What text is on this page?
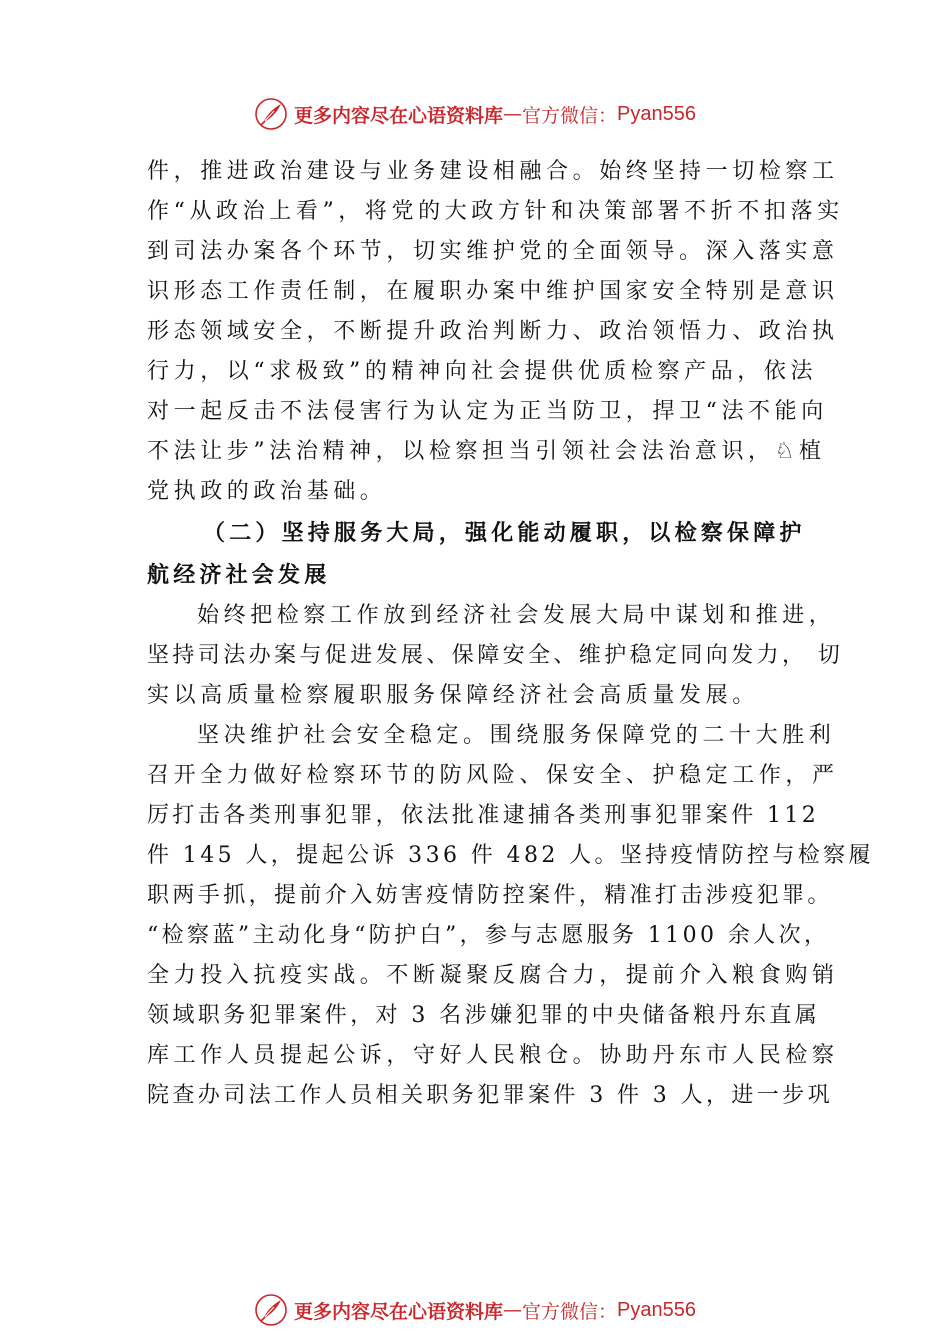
更多内容尽在心语资料库 — 官方微信： Pyan556
件，推进政治建设与业务建设相融合。始终坚持一切检察工
作“从政治上看”，将党的大政方针和决策部署不折不扣落实
到司法办案各个环节，切实维护党的全面领导。深入落实意
识形态工作责任制，在履职办案中维护国家安全特别是意识
形态领域安全，不断提升政治判断力、政治领悟力、政治执
行力，以“求极致”的精神向社会提供优质检察产品，依法
对一起反击不法侵害行为认定为正当防卫，捍卫“法不能向
不法让步”法治精神，以检察担当引领社会法治意识，♘植
党执政的政治基础。
（二）坚持服务大局，强化能动履职，以检察保障护
航经济社会发展
始终把检察工作放到经济社会发展大局中谋划和推进，
坚持司法办案与促进发展、保障安全、维护稳定同向发力， 切
实以高质量检察履职服务保障经济社会高质量发展。
坚决维护社会安全稳定。围绕服务保障党的二十大胜利
召开全力做好检察环节的防风险、保安全、护稳定工作，严
厉打击各类刑事犯罪，依法批准逮捕各类刑事犯罪案件 112
件 145 人，提起公诉 336 件 482 人。坚持疫情防控与检察履
职两手抓，提前介入妨害疫情防控案件，精准打击涉疫犯罪。
“检察蓝”主动化身“防护白”，参与志愿服务 1100 余人次，
全力投入抗疫实战。不断凝聚反腐合力，提前介入粮食购销
领域职务犯罪案件，对 3 名涉嫌犯罪的中央储备粮丹东直属
库工作人员提起公诉，守好人民粮仓。协助丹东市人民检察
院查办司法工作人员相关职务犯罪案件 3 件 3 人，进一步巩
更多内容尽在心语资料库 — 官方微信： Pyan556
